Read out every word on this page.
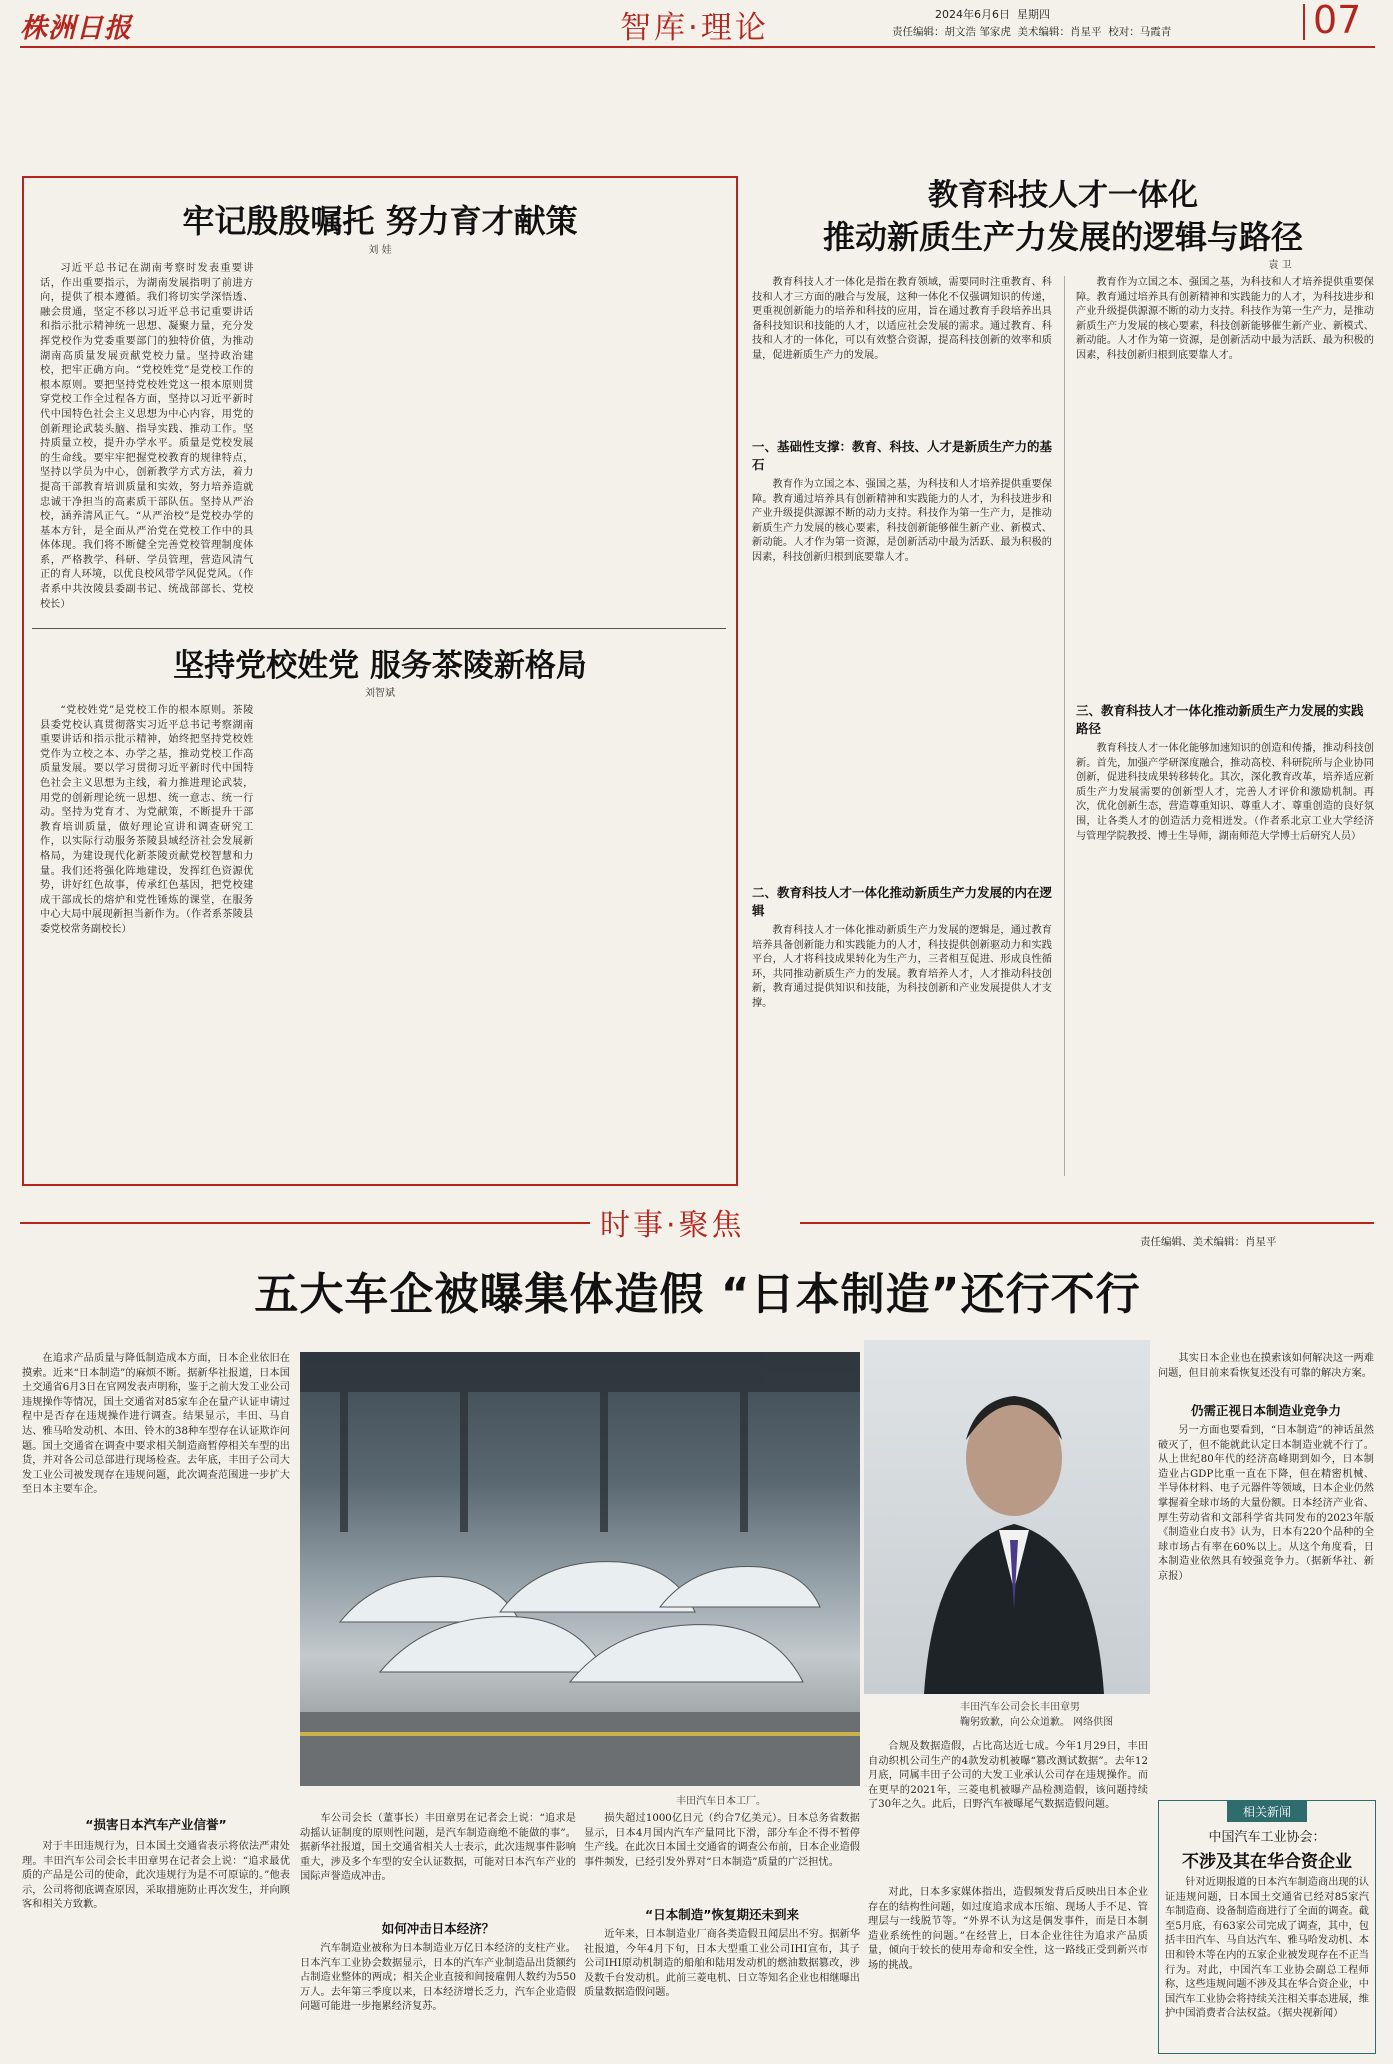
株洲日报	智库·理论	2024年6月6日 星期四
责任编辑：胡文浩 邹家虎 美术编辑：肖星平 校对：马霞青	07
牢记殷殷嘱托 努力育才献策
刘 娃
习近平总书记在湖南考察时发表重要讲话，作出重要指示，为湖南发展指明了前进方向，提供了根本遵循。我们将切实学深悟透、融会贯通，坚定不移以习近平总书记重要讲话和指示批示精神统一思想、凝聚力量，充分发挥党校作为党委重要部门的独特价值，为推动湖南高质量发展贡献党校力量。坚持政治建校，把牢正确方向。“党校姓党”是党校工作的根本原则。要把坚持党校姓党这一根本原则贯穿党校工作全过程各方面，坚持以习近平新时代中国特色社会主义思想为中心内容，用党的创新理论武装头脑、指导实践、推动工作。坚持质量立校，提升办学水平。质量是党校发展的生命线。要牢牢把握党校教育的规律特点，坚持以学员为中心，创新教学方式方法，着力提高干部教育培训质量和实效，努力培养造就忠诚干净担当的高素质干部队伍。坚持从严治校，涵养清风正气。“从严治校”是党校办学的基本方针，是全面从严治党在党校工作中的具体体现。我们将不断健全完善党校管理制度体系，严格教学、科研、学员管理，营造风清气正的育人环境，以优良校风带学风促党风。（作者系中共汝陵县委副书记、统战部部长、党校校长）
坚持党校姓党 服务茶陵新格局
刘智斌
“党校姓党”是党校工作的根本原则。茶陵县委党校认真贯彻落实习近平总书记考察湖南重要讲话和指示批示精神，始终把坚持党校姓党作为立校之本、办学之基，推动党校工作高质量发展。要以学习贯彻习近平新时代中国特色社会主义思想为主线，着力推进理论武装，用党的创新理论统一思想、统一意志、统一行动。坚持为党育才、为党献策，不断提升干部教育培训质量，做好理论宣讲和调查研究工作，以实际行动服务茶陵县域经济社会发展新格局，为建设现代化新茶陵贡献党校智慧和力量。我们还将强化阵地建设，发挥红色资源优势，讲好红色故事，传承红色基因，把党校建成干部成长的熔炉和党性锤炼的课堂，在服务中心大局中展现新担当新作为。（作者系茶陵县委党校常务副校长）
教育科技人才一体化
推动新质生产力发展的逻辑与路径
袁 卫
教育科技人才一体化是指在教育领域，需要同时注重教育、科技和人才三方面的融合与发展，这种一体化不仅强调知识的传递，更重视创新能力的培养和科技的应用，旨在通过教育手段培养出具备科技知识和技能的人才，以适应社会发展的需求。通过教育、科技和人才的一体化，可以有效整合资源，提高科技创新的效率和质量，促进新质生产力的发展。
一、基础性支撑：教育、科技、人才是新质生产力的基石
教育作为立国之本、强国之基，为科技和人才培养提供重要保障。教育通过培养具有创新精神和实践能力的人才，为科技进步和产业升级提供源源不断的动力支持。科技作为第一生产力，是推动新质生产力发展的核心要素，科技创新能够催生新产业、新模式、新动能。人才作为第一资源，是创新活动中最为活跃、最为积极的因素，科技创新归根到底要靠人才。
二、教育科技人才一体化推动新质生产力发展的内在逻辑
教育科技人才一体化推动新质生产力发展的逻辑是，通过教育培养具备创新能力和实践能力的人才，科技提供创新驱动力和实践平台，人才将科技成果转化为生产力，三者相互促进、形成良性循环，共同推动新质生产力的发展。教育培养人才，人才推动科技创新，教育通过提供知识和技能，为科技创新和产业发展提供人才支撑。
教育作为立国之本、强国之基，为科技和人才培养提供重要保障。教育通过培养具有创新精神和实践能力的人才，为科技进步和产业升级提供源源不断的动力支持。科技作为第一生产力，是推动新质生产力发展的核心要素，科技创新能够催生新产业、新模式、新动能。人才作为第一资源，是创新活动中最为活跃、最为积极的因素，科技创新归根到底要靠人才。
三、教育科技人才一体化推动新质生产力发展的实践路径
教育科技人才一体化能够加速知识的创造和传播，推动科技创新。首先，加强产学研深度融合，推动高校、科研院所与企业协同创新，促进科技成果转移转化。其次，深化教育改革，培养适应新质生产力发展需要的创新型人才，完善人才评价和激励机制。再次，优化创新生态，营造尊重知识、尊重人才、尊重创造的良好氛围，让各类人才的创造活力竞相迸发。（作者系北京工业大学经济与管理学院教授、博士生导师，湖南师范大学博士后研究人员）
时事·聚焦	责任编辑、美术编辑：肖星平
五大车企被曝集体造假 “日本制造”还行不行
在追求产品质量与降低制造成本方面，日本企业依旧在摸索。近来“日本制造”的麻烦不断。据新华社报道，日本国土交通省6月3日在官网发表声明称，鉴于之前大发工业公司违规操作等情况，国土交通省对85家车企在量产认证申请过程中是否存在违规操作进行调查。结果显示，丰田、马自达、雅马哈发动机、本田、铃木的38种车型存在认证欺诈问题。国土交通省在调查中要求相关制造商暂停相关车型的出货，并对各公司总部进行现场检查。去年底，丰田子公司大发工业公司被发现存在违规问题，此次调查范围进一步扩大至日本主要车企。
“损害日本汽车产业信誉”
对于丰田违规行为，日本国土交通省表示将依法严肃处理。丰田汽车公司会长丰田章男在记者会上说：“追求最优质的产品是公司的使命，此次违规行为是不可原谅的。”他表示，公司将彻底调查原因，采取措施防止再次发生，并向顾客和相关方致歉。
丰田汽车日本工厂。
丰田汽车公司会长丰田章男
鞠躬致歉，向公众道歉。 网络供图
车公司会长（董事长）丰田章男在记者会上说：“追求是动摇认证制度的原则性问题，是汽车制造商绝不能做的事”。据新华社报道，国土交通省相关人士表示，此次违规事件影响重大，涉及多个车型的安全认证数据，可能对日本汽车产业的国际声誉造成冲击。
如何冲击日本经济？
汽车制造业被称为日本制造业万亿日本经济的支柱产业。日本汽车工业协会数据显示，日本的汽车产业制造品出货额约占制造业整体的两成；相关企业直接和间接雇佣人数约为550万人。去年第三季度以来，日本经济增长乏力，汽车企业造假问题可能进一步拖累经济复苏。
损失超过1000亿日元（约合7亿美元）。日本总务省数据显示，日本4月国内汽车产量同比下滑，部分车企不得不暂停生产线。在此次日本国土交通省的调查公布前，日本企业造假事件频发，已经引发外界对“日本制造”质量的广泛担忧。
“日本制造”恢复期还未到来
近年来，日本制造业厂商各类造假丑闻层出不穷。据新华社报道，今年4月下旬，日本大型重工业公司IHI宣布，其子公司IHI原动机制造的船舶和陆用发动机的燃油数据篡改，涉及数千台发动机。此前三菱电机、日立等知名企业也相继曝出质量数据造假问题。
合规及数据造假，占比高达近七成。今年1月29日，丰田自动织机公司生产的4款发动机被曝“篡改测试数据”。去年12月底，同属丰田子公司的大发工业承认公司存在违规操作。而在更早的2021年，三菱电机被曝产品检测造假，该问题持续了30年之久。此后，日野汽车被曝尾气数据造假问题。
对此，日本多家媒体指出，造假频发背后反映出日本企业存在的结构性问题，如过度追求成本压缩、现场人手不足、管理层与一线脱节等。“外界不认为这是偶发事件，而是日本制造业系统性的问题。”在经营上，日本企业往往为追求产品质量，倾向于较长的使用寿命和安全性，这一路线正受到新兴市场的挑战。
其实日本企业也在摸索该如何解决这一两难问题，但目前来看恢复还没有可靠的解决方案。
仍需正视日本制造业竞争力
另一方面也要看到，“日本制造”的神话虽然破灭了，但不能就此认定日本制造业就不行了。从上世纪80年代的经济高峰期到如今，日本制造业占GDP比重一直在下降，但在精密机械、半导体材料、电子元器件等领域，日本企业仍然掌握着全球市场的大量份额。日本经济产业省、厚生劳动省和文部科学省共同发布的2023年版《制造业白皮书》认为，日本有220个品种的全球市场占有率在60%以上。从这个角度看，日本制造业依然具有较强竞争力。（据新华社、新京报）
相关新闻
中国汽车工业协会：
不涉及其在华合资企业
针对近期报道的日本汽车制造商出现的认证违规问题，日本国土交通省已经对85家汽车制造商、设备制造商进行了全面的调查。截至5月底，有63家公司完成了调查，其中，包括丰田汽车、马自达汽车、雅马哈发动机、本田和铃木等在内的五家企业被发现存在不正当行为。对此，中国汽车工业协会副总工程师称，这些违规问题不涉及其在华合资企业，中国汽车工业协会将持续关注相关事态进展，维护中国消费者合法权益。（据央视新闻）
